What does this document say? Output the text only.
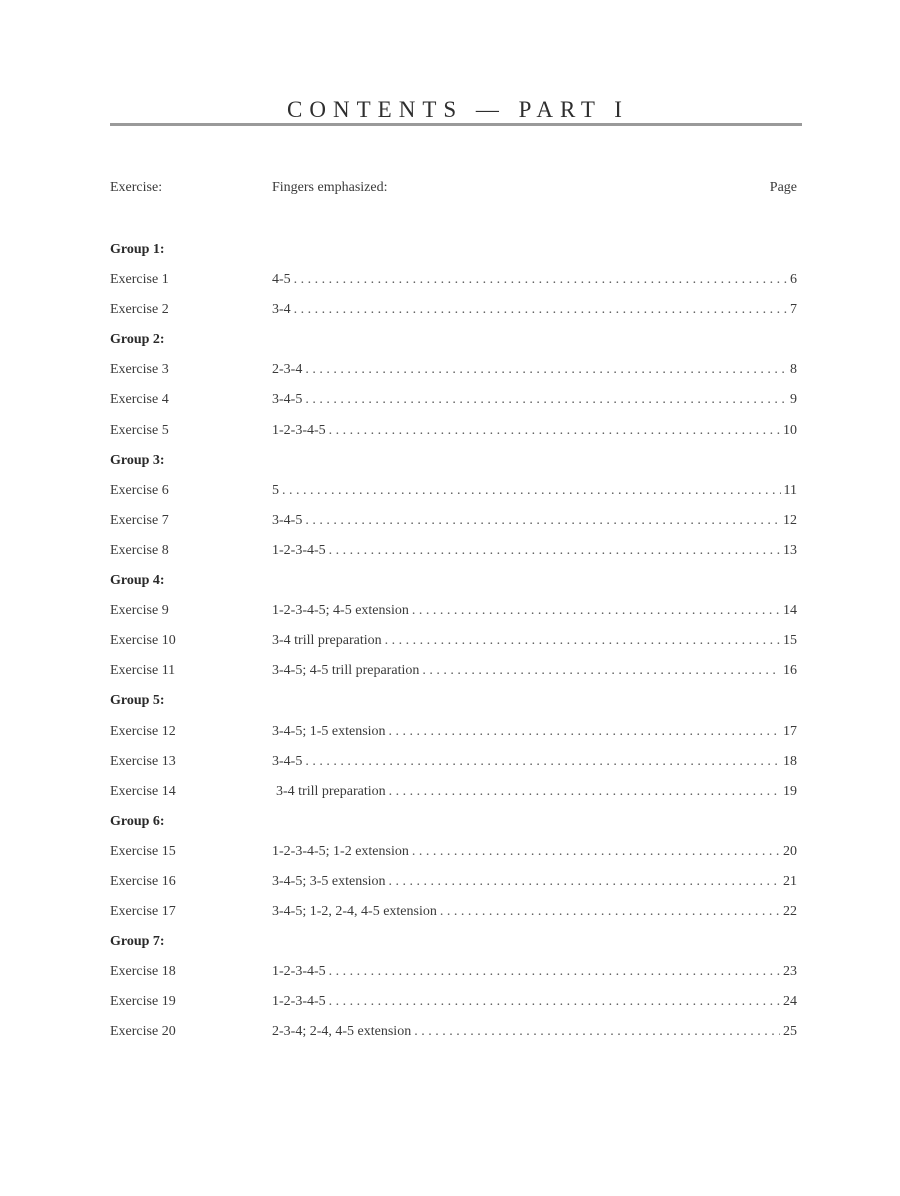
CONTENTS — PART I
Exercise:	Fingers emphasized:	Page
Group 1:
Exercise 1	4-5 . . .	6
Exercise 2	3-4 . . .	7
Group 2:
Exercise 3	2-3-4 . . .	8
Exercise 4	3-4-5 . . .	9
Exercise 5	1-2-3-4-5 . . .	10
Group 3:
Exercise 6	5 . . .	11
Exercise 7	3-4-5 . . .	12
Exercise 8	1-2-3-4-5 . . .	13
Group 4:
Exercise 9	1-2-3-4-5; 4-5 extension . . .	14
Exercise 10	3-4 trill preparation . . .	15
Exercise 11	3-4-5; 4-5 trill preparation . . .	16
Group 5:
Exercise 12	3-4-5; 1-5 extension . . .	17
Exercise 13	3-4-5 . . .	18
Exercise 14	3-4 trill preparation . . .	19
Group 6:
Exercise 15	1-2-3-4-5; 1-2 extension . . .	20
Exercise 16	3-4-5; 3-5 extension . . .	21
Exercise 17	3-4-5; 1-2, 2-4, 4-5 extension . . .	22
Group 7:
Exercise 18	1-2-3-4-5 . . .	23
Exercise 19	1-2-3-4-5 . . .	24
Exercise 20	2-3-4; 2-4, 4-5 extension . . .	25
